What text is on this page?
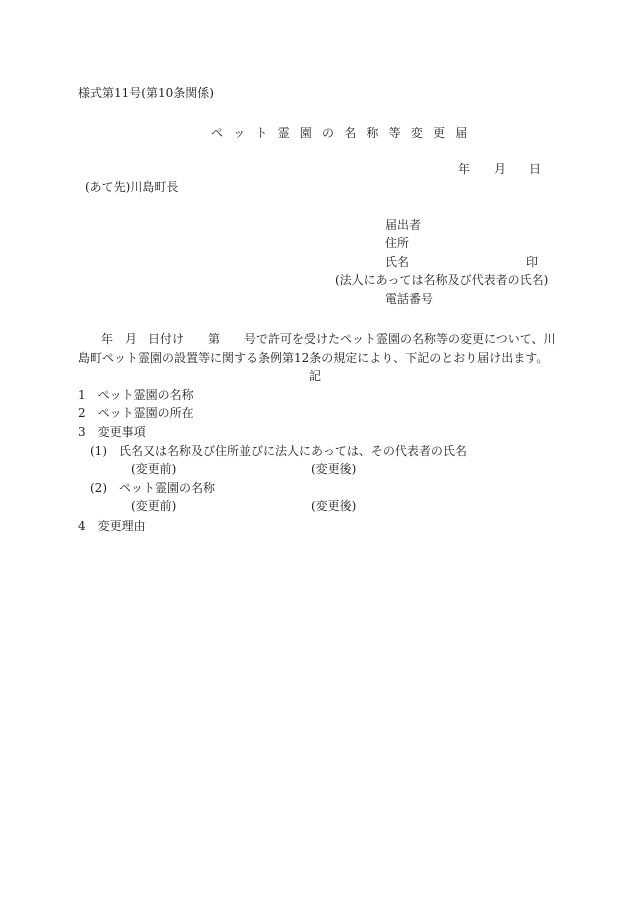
様式第11号(第10条関係)
ペット霊園の名称等変更届
年 月 日
(あて先)川島町長
届出者
住所
氏名	印
(法人にあっては名称及び代表者の氏名)
電話番号
年 月 日付け 第 号で許可を受けたペット霊園の名称等の変更について、川
島町ペット霊園の設置等に関する条例第12条の規定により、下記のとおり届け出ます。
記
1　ペット霊園の名称
2　ペット霊園の所在
3　変更事項
(1)　氏名又は名称及び住所並びに法人にあっては、その代表者の氏名
(変更前)	(変更後)
(2)　ペット霊園の名称
(変更前)	(変更後)
4　変更理由
